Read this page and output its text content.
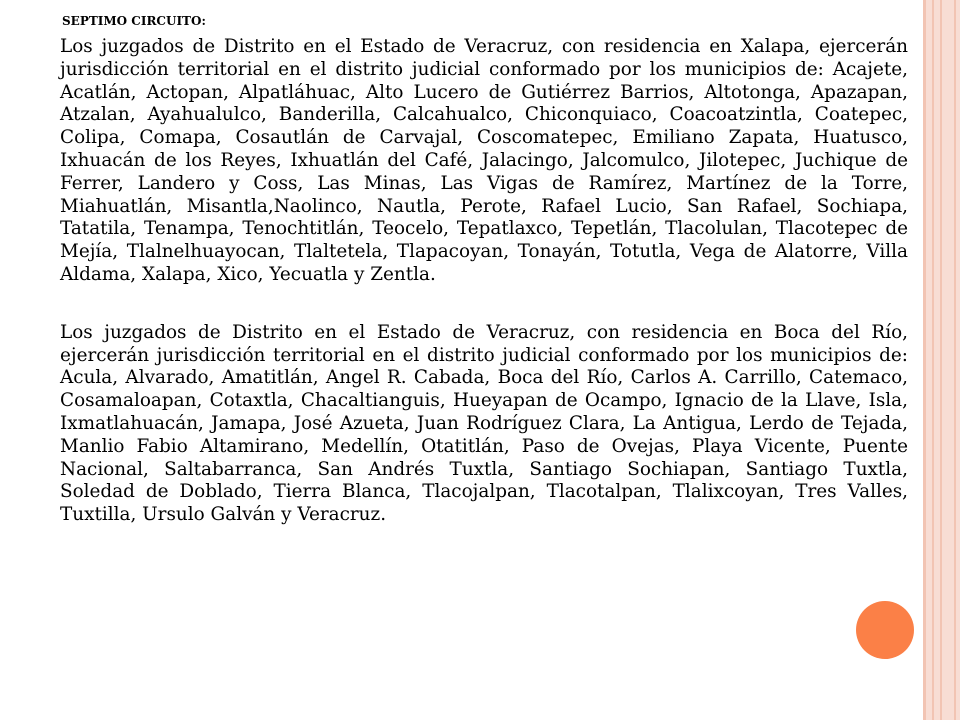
SEPTIMO CIRCUITO:

Los juzgados de Distrito en el Estado de Veracruz, con residencia en Xalapa, ejercerán jurisdicción territorial en el distrito judicial conformado por los municipios de: Acajete, Acatlán, Actopan, Alpatláhuac, Alto Lucero de Gutiérrez Barrios, Altotonga, Apazapan, Atzalan, Ayahualulco, Banderilla, Calcahualco, Chiconquiaco, Coacoatzintla, Coatepec, Colipa, Comapa, Cosautlán de Carvajal, Coscomatepec, Emiliano Zapata, Huatusco, Ixhuacán de los Reyes, Ixhuatlán del Café, Jalacingo, Jalcomulco, Jilotepec, Juchique de Ferrer, Landero y Coss, Las Minas, Las Vigas de Ramírez, Martínez de la Torre, Miahuatlán, Misantla,Naolinco, Nautla, Perote, Rafael Lucio, San Rafael, Sochiapa, Tatatila, Tenampa, Tenochtitlán, Teocelo, Tepatlaxco, Tepetlán, Tlacolulan, Tlacotepec de Mejía, Tlalnelhuayocan, Tlaltetela, Tlapacoyan, Tonayán, Totutla, Vega de Alatorre, Villa Aldama, Xalapa, Xico, Yecuatla y Zentla.

Los juzgados de Distrito en el Estado de Veracruz, con residencia en Boca del Río, ejercerán jurisdicción territorial en el distrito judicial conformado por los municipios de: Acula, Alvarado, Amatitlán, Angel R. Cabada, Boca del Río, Carlos A. Carrillo, Catemaco, Cosamaloapan, Cotaxtla, Chacaltianguis, Hueyapan de Ocampo, Ignacio de la Llave, Isla, Ixmatlahuacán, Jamapa, José Azueta, Juan Rodríguez Clara, La Antigua, Lerdo de Tejada, Manlio Fabio Altamirano, Medellín, Otatitlán, Paso de Ovejas, Playa Vicente, Puente Nacional, Saltabarranca, San Andrés Tuxtla, Santiago Sochiapan, Santiago Tuxtla, Soledad de Doblado, Tierra Blanca, Tlacojalpan, Tlacotalpan, Tlalixcoyan, Tres Valles, Tuxtilla, Ursulo Galván y Veracruz.
